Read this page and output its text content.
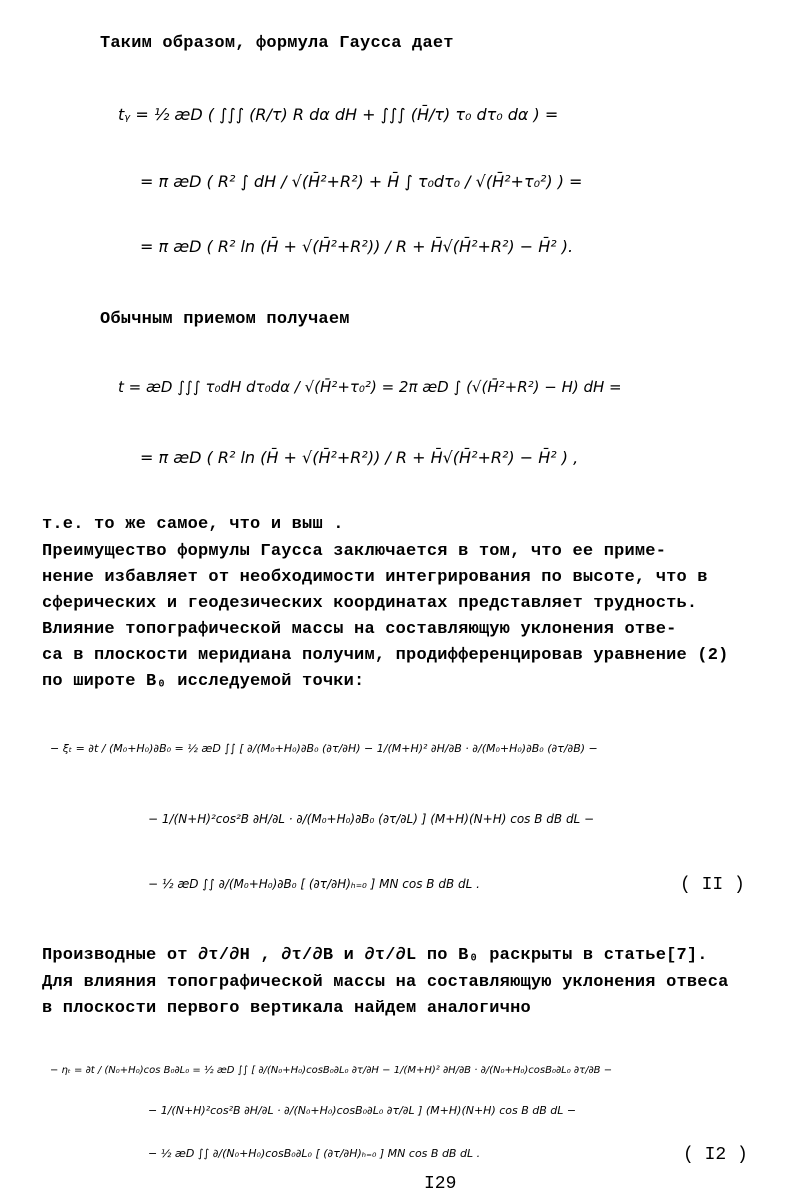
Таким образом, формула Гаусса дает
tᵧ = ½ æD ( ∫∫∫ (R/τ) R dα dH + ∫∫∫ (H̄/τ) τ₀ dτ₀ dα ) =
= π æD ( R² ∫ dH / √(H̄²+R²) + H̄ ∫ τ₀dτ₀ / √(H̄²+τ₀²) ) =
= π æD ( R² ln (H̄ + √(H̄²+R²)) / R + H̄√(H̄²+R²) − H̄² ).
Обычным приемом получаем
t = æD ∫∫∫ τ₀dH dτ₀dα / √(H̄²+τ₀²) = 2π æD ∫ (√(H̄²+R²) − H) dH =
= π æD ( R² ln (H̄ + √(H̄²+R²)) / R + H̄√(H̄²+R²) − H̄² ) ,
т.е. то же самое, что и выш .
Преимущество формулы Гаусса заключается в том, что ее приме-
нение избавляет от необходимости интегрирования по высоте, что в
сферических и геодезических координатах представляет трудность.
Влияние топографической массы на составляющую уклонения отве-
са в плоскости меридиана получим, продифференцировав уравнение (2)
по широте B₀ исследуемой точки:
− ξₜ = ∂t / (M₀+H₀)∂B₀ = ½ æD ∫∫ [ ∂/(M₀+H₀)∂B₀ (∂τ/∂H) − 1/(M+H)² ∂H/∂B · ∂/(M₀+H₀)∂B₀ (∂τ/∂B) −
− 1/(N+H)²cos²B ∂H/∂L · ∂/(M₀+H₀)∂B₀ (∂τ/∂L) ] (M+H)(N+H) cos B dB dL −
− ½ æD ∫∫ ∂/(M₀+H₀)∂B₀ [ (∂τ/∂H)ₕ₌₀ ] MN cos B dB dL .	( II )
Производные от ∂τ/∂H , ∂τ/∂B и ∂τ/∂L по B₀ раскрыты в статье[7].
Для влияния топографической массы на составляющую уклонения отвеса
в плоскости первого вертикала найдем аналогично
− ηₜ = ∂t / (N₀+H₀)cos B₀∂L₀ = ½ æD ∫∫ [ ∂/(N₀+H₀)cosB₀∂L₀ ∂τ/∂H − 1/(M+H)² ∂H/∂B · ∂/(N₀+H₀)cosB₀∂L₀ ∂τ/∂B −
− 1/(N+H)²cos²B ∂H/∂L · ∂/(N₀+H₀)cosB₀∂L₀ ∂τ/∂L ] (M+H)(N+H) cos B dB dL −
− ½ æD ∫∫ ∂/(N₀+H₀)cosB₀∂L₀ [ (∂τ/∂H)ₕ₌₀ ] MN cos B dB dL .	( I2 )
I29
